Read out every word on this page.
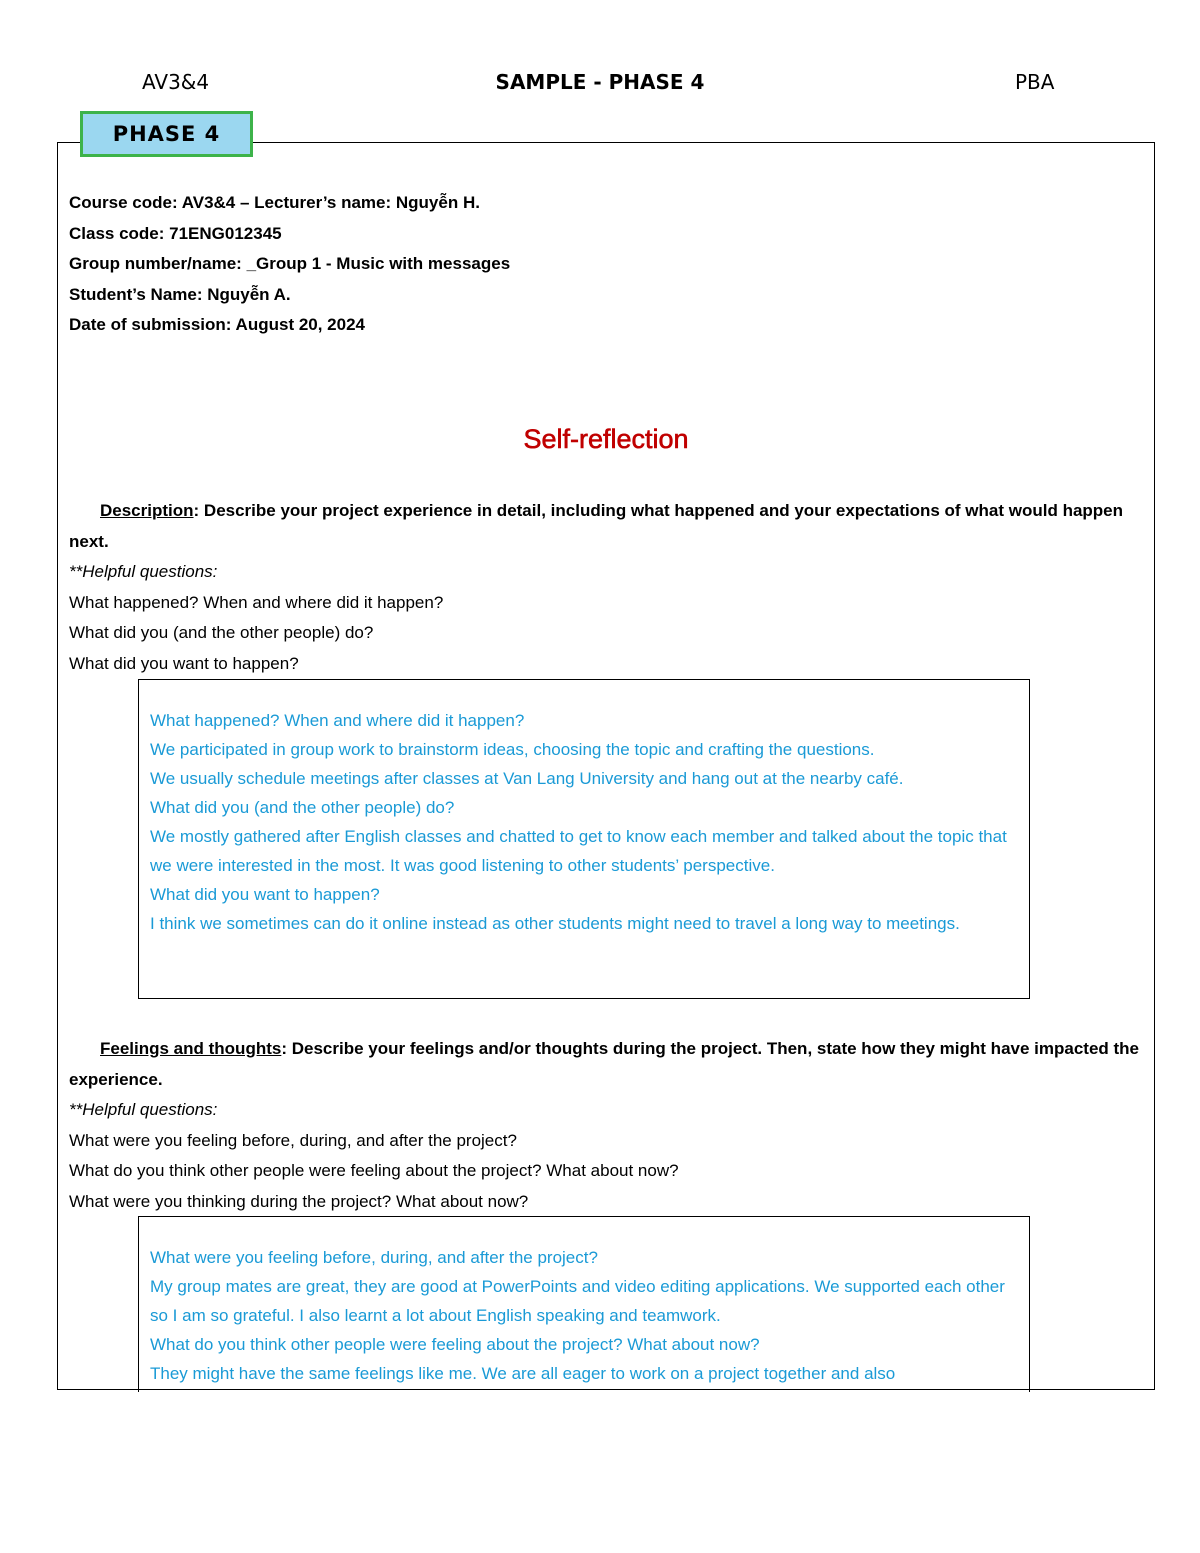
AV3&4	SAMPLE - PHASE 4	PBA
PHASE 4
Course code: AV3&4 – Lecturer’s name: Nguyễn H.
Class code: 71ENG012345
Group number/name: _Group 1 - Music with messages
Student’s Name: Nguyễn A.
Date of submission: August 20, 2024
Self-reflection
Description: Describe your project experience in detail, including what happened and your expectations of what would happen next.
**Helpful questions:
What happened? When and where did it happen?
What did you (and the other people) do?
What did you want to happen?
What happened? When and where did it happen?
We participated in group work to brainstorm ideas, choosing the topic and crafting the questions.
We usually schedule meetings after classes at Van Lang University and hang out at the nearby café.
What did you (and the other people) do?
We mostly gathered after English classes and chatted to get to know each member and talked about the topic that we were interested in the most. It was good listening to other students’ perspective.
What did you want to happen?
I think we sometimes can do it online instead as other students might need to travel a long way to meetings.
Feelings and thoughts: Describe your feelings and/or thoughts during the project. Then, state how they might have impacted the experience.
**Helpful questions:
What were you feeling before, during, and after the project?
What do you think other people were feeling about the project? What about now?
What were you thinking during the project? What about now?
What were you feeling before, during, and after the project?
My group mates are great, they are good at PowerPoints and video editing applications. We supported each other so I am so grateful. I also learnt a lot about English speaking and teamwork.
What do you think other people were feeling about the project? What about now?
They might have the same feelings like me. We are all eager to work on a project together and also
